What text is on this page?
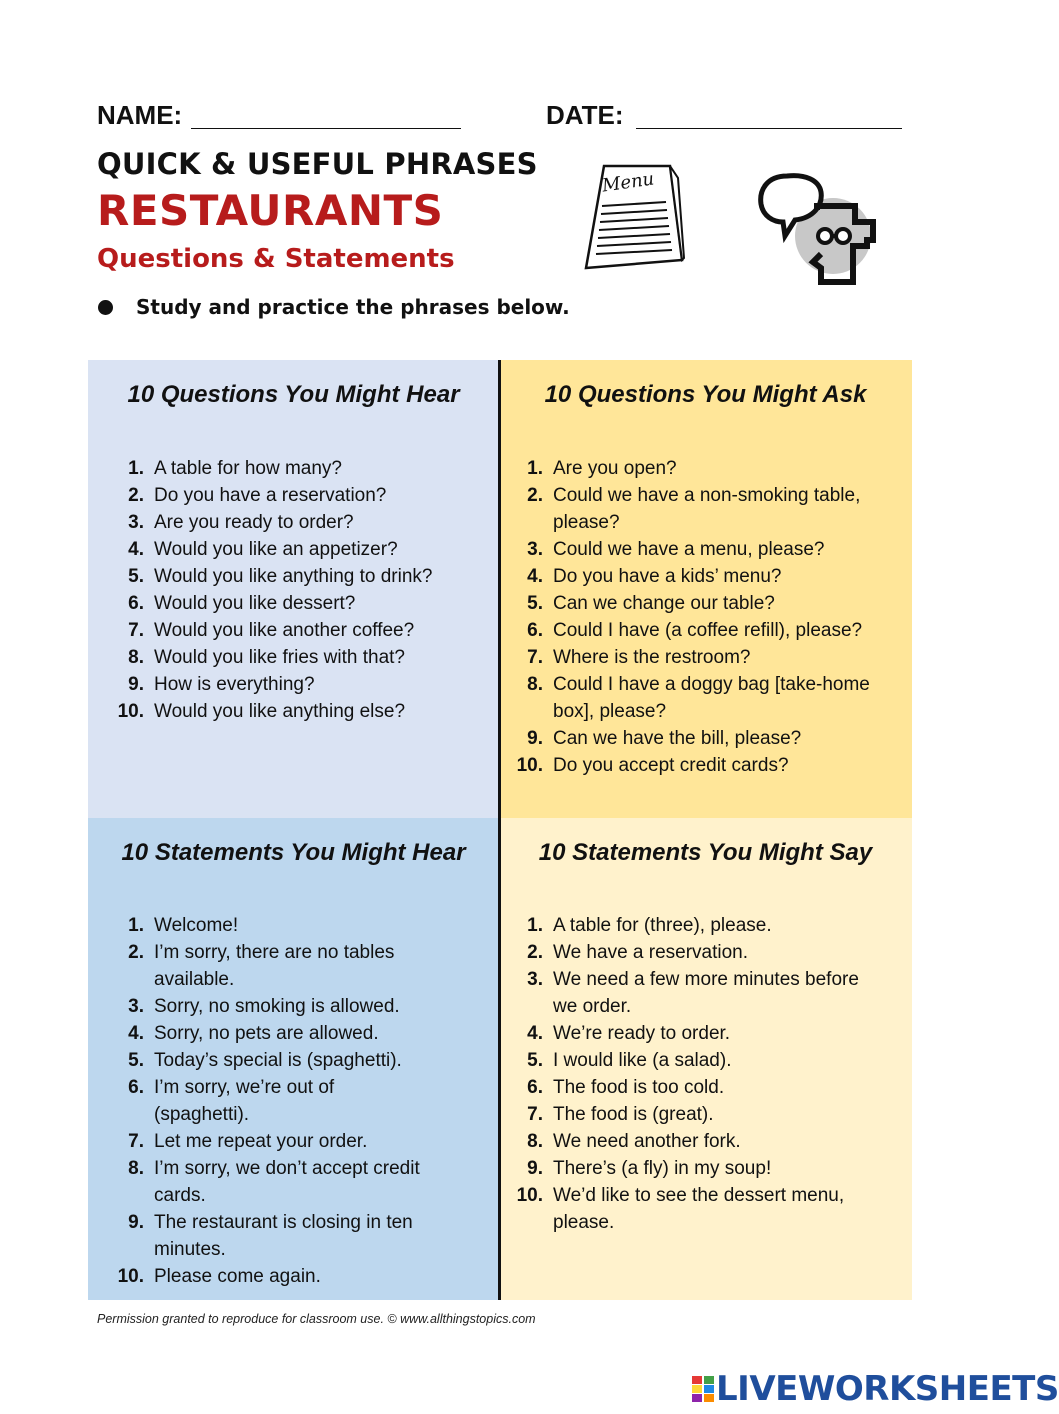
NAME:	DATE:
QUICK & USEFUL PHRASES
RESTAURANTS
Questions & Statements
Study and practice the phrases below.
Menu
10 Questions You Might Hear
1. A table for how many?
2. Do you have a reservation?
3. Are you ready to order?
4. Would you like an appetizer?
5. Would you like anything to drink?
6. Would you like dessert?
7. Would you like another coffee?
8. Would you like fries with that?
9. How is everything?
10. Would you like anything else?
10 Questions You Might Ask
1. Are you open?
2. Could we have a non-smoking table, please?
3. Could we have a menu, please?
4. Do you have a kids’ menu?
5. Can we change our table?
6. Could I have (a coffee refill), please?
7. Where is the restroom?
8. Could I have a doggy bag [take-home box], please?
9. Can we have the bill, please?
10. Do you accept credit cards?
10 Statements You Might Hear
1. Welcome!
2. I’m sorry, there are no tables available.
3. Sorry, no smoking is allowed.
4. Sorry, no pets are allowed.
5. Today’s special is (spaghetti).
6. I’m sorry, we’re out of (spaghetti).
7. Let me repeat your order.
8. I’m sorry, we don’t accept credit cards.
9. The restaurant is closing in ten minutes.
10. Please come again.
10 Statements You Might Say
1. A table for (three), please.
2. We have a reservation.
3. We need a few more minutes before we order.
4. We’re ready to order.
5. I would like (a salad).
6. The food is too cold.
7. The food is (great).
8. We need another fork.
9. There’s (a fly) in my soup!
10. We’d like to see the dessert menu, please.
Permission granted to reproduce for classroom use. © www.allthingstopics.com
LIVEWORKSHEETS
